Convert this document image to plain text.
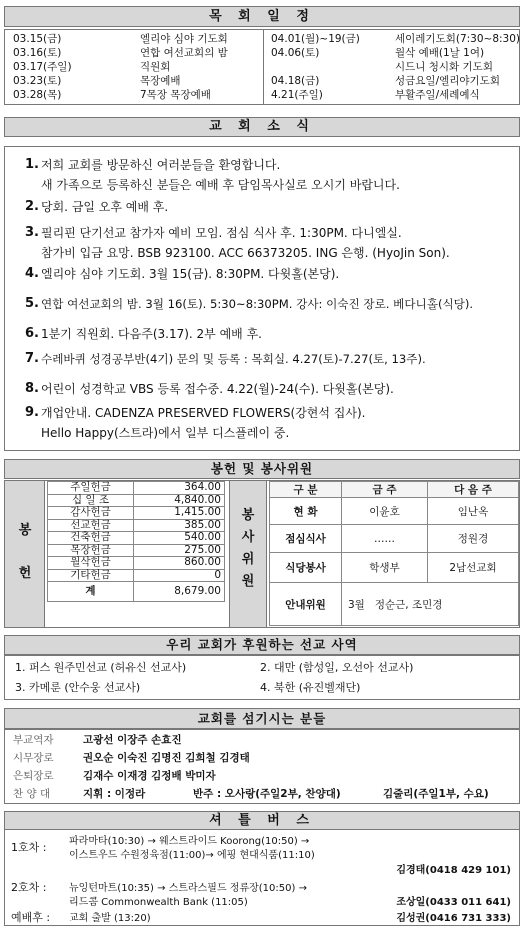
목 회 일 정
03.15(금)	엘리야 심야 기도회	04.01(월)~19(금)	세이레기도회(7:30~8:30)
03.16(토)	연합 여선교회의 밤	04.06(토)	월삭 예배(1날 1여)
03.17(주일)	직원회	시드니 청시화 기도회
03.23(토)	목장예배	04.18(금)	성금요일/엘리야기도회
03.28(목)	7목장 목장예배	4.21(주일)	부활주일/세례예식
교 회 소 식
1. 저희 교회를 방문하신 여러분들을 환영합니다.
새 가족으로 등록하신 분들은 예배 후 담임목사실로 오시기 바랍니다.
2. 당회. 금일 오후 예배 후.
3. 필리핀 단기선교 참가자 예비 모임. 점심 식사 후. 1:30PM. 다니엘실.
참가비 입금 요망. BSB 923100. ACC 66373205. ING 은행. (HyoJin Son).
4. 엘리야 심야 기도회. 3월 15(금). 8:30PM. 다윗홀(본당).
5. 연합 여선교회의 밤. 3월 16(토). 5:30~8:30PM. 강사: 이숙진 장로. 베다니홀(식당).
6. 1분기 직원회. 다음주(3.17). 2부 예배 후.
7. 수레바퀴 성경공부반(4기) 문의 및 등록 : 목회실. 4.27(토)-7.27(토, 13주).
8. 어린이 성경학교 VBS 등록 접수중. 4.22(월)-24(수). 다윗홀(본당).
9. 개업안내. CADENZA PRESERVED FLOWERS(강현석 집사).
Hello Happy(스트라)에서 일부 디스플레이 중.
봉헌 및 봉사위원
봉
헌
주일헌금	364.00
십 일 조	4,840.00
감사헌금	1,415.00
선교헌금	385.00
건축헌금	540.00
목장헌금	275.00
월삭헌금	860.00
기타헌금	0
계	8,679.00
봉
사
위
원
구 분	금 주	다 음 주
현 화	이윤호	임난옥
점심식사	……	정원경
식당봉사	학생부	2남선교회
안내위원	3월 정순근, 조민경	
우리 교회가 후원하는 선교 사역
1. 퍼스 원주민선교 (허유신 선교사)	2. 대만 (함성일, 오선아 선교사)
3. 카메룬 (안수웅 선교사)	4. 북한 (유진벨재단)
교회를 섬기시는 분들
부교역자	고광선 이장주 손효진
시무장로	권오순 이숙진 김명진 김희철 김경태
은퇴장로	김재수 이재경 김정배 박미자
찬 양 대	지휘 : 이정라	반주 : 오사랑(주일2부, 찬양대)	김줄리(주일1부, 수요)
셔 틀 버 스
1호차 : 파라마타(10:30) → 웨스트라이드 Koorong(10:50) →
이스트우드 수원정육점(11:00)→ 에핑 현대식품(11:10)
김경태(0418 429 101)
2호차 : 뉴잉턴마트(10:35) → 스트라스필드 정류장(10:50) →
리드콤 Commonwealth Bank (11:05)	조상일(0433 011 641)
예배후 : 교회 출발 (13:20)	김성권(0416 731 333)
